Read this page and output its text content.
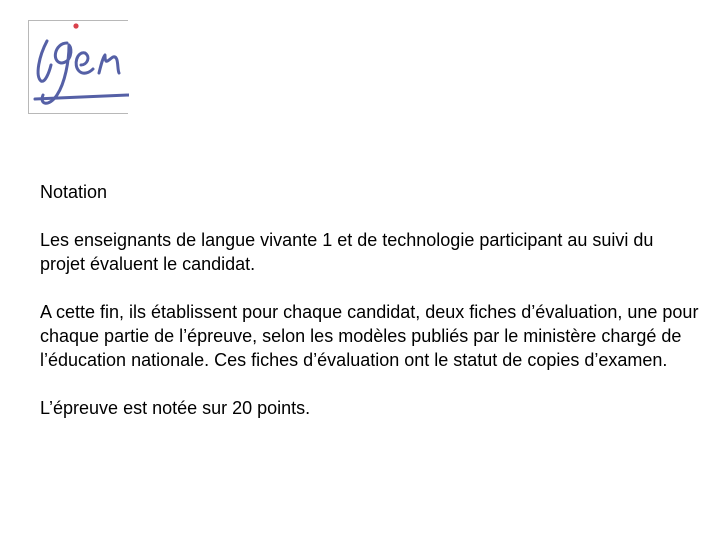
Notation

Les enseignants de langue vivante 1 et de technologie participant au suivi du projet évaluent le candidat.

A cette fin, ils établissent pour chaque candidat, deux fiches d’évaluation, une pour chaque partie de l’épreuve, selon les modèles publiés par le ministère chargé de l’éducation nationale. Ces fiches d’évaluation ont le statut de copies d’examen.

L’épreuve est notée sur 20 points.
